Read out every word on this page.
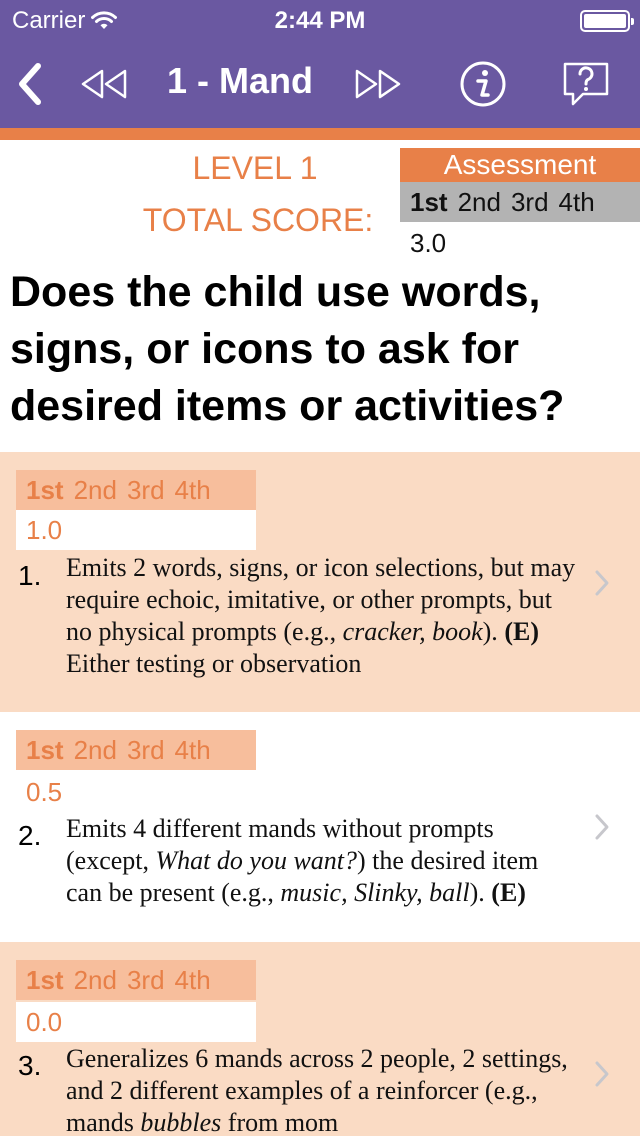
Carrier	2:44 PM
1 - Mand
LEVEL 1
TOTAL SCORE:
Assessment
1st 2nd 3rd 4th
3.0
Does the child use words, signs, or icons to ask for desired items or activities?
1st 2nd 3rd 4th
1.0
1. Emits 2 words, signs, or icon selections, but may require echoic, imitative, or other prompts, but no physical prompts (e.g., cracker, book). (E) Either testing or observation
1st 2nd 3rd 4th
0.5
2. Emits 4 different mands without prompts (except, What do you want?) the desired item can be present (e.g., music, Slinky, ball). (E)
1st 2nd 3rd 4th
0.0
3. Generalizes 6 mands across 2 people, 2 settings, and 2 different examples of a reinforcer (e.g., mands bubbles from mom
